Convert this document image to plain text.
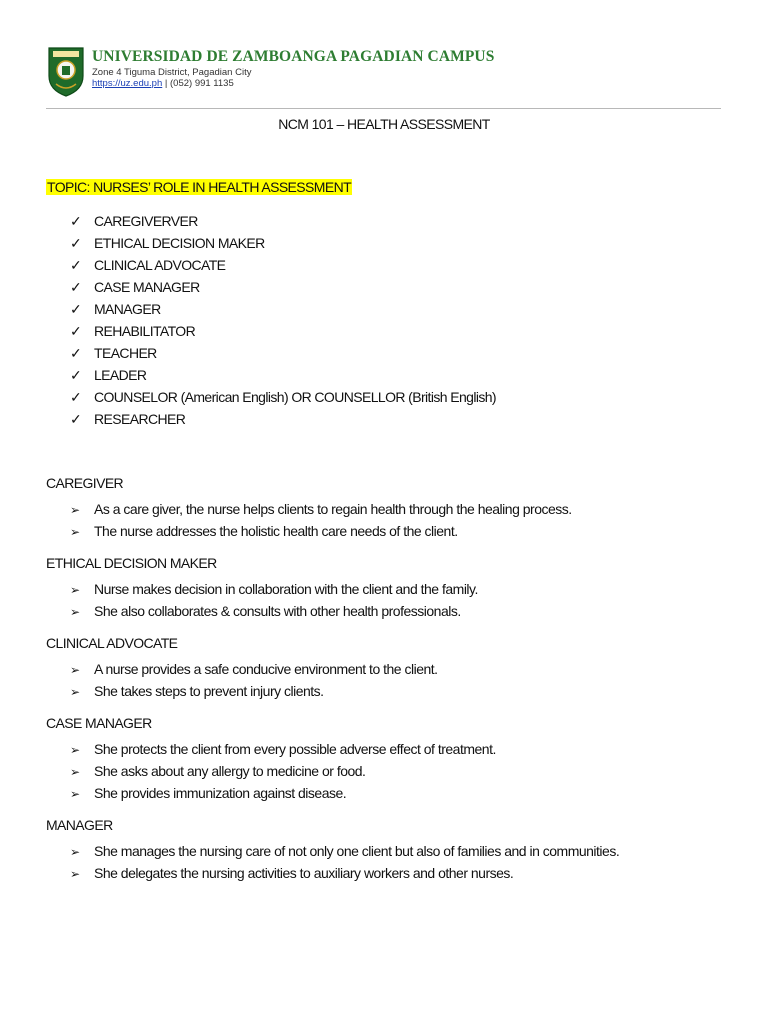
UNIVERSIDAD DE ZAMBOANGA PAGADIAN CAMPUS
Zone 4 Tiguma District, Pagadian City
https://uz.edu.ph | (052) 991 1135
NCM 101 – HEALTH ASSESSMENT
TOPIC: NURSES’ ROLE IN HEALTH ASSESSMENT
✓ CAREGIVERVER
✓ ETHICAL DECISION MAKER
✓ CLINICAL ADVOCATE
✓ CASE MANAGER
✓ MANAGER
✓ REHABILITATOR
✓ TEACHER
✓ LEADER
✓ COUNSELOR (American English) OR COUNSELLOR (British English)
✓ RESEARCHER
CAREGIVER
➢ As a care giver, the nurse helps clients to regain health through the healing process.
➢ The nurse addresses the holistic health care needs of the client.
ETHICAL DECISION MAKER
➢ Nurse makes decision in collaboration with the client and the family.
➢ She also collaborates & consults with other health professionals.
CLINICAL ADVOCATE
➢ A nurse provides a safe conducive environment to the client.
➢ She takes steps to prevent injury clients.
CASE MANAGER
➢ She protects the client from every possible adverse effect of treatment.
➢ She asks about any allergy to medicine or food.
➢ She provides immunization against disease.
MANAGER
➢ She manages the nursing care of not only one client but also of families and in communities.
➢ She delegates the nursing activities to auxiliary workers and other nurses.
